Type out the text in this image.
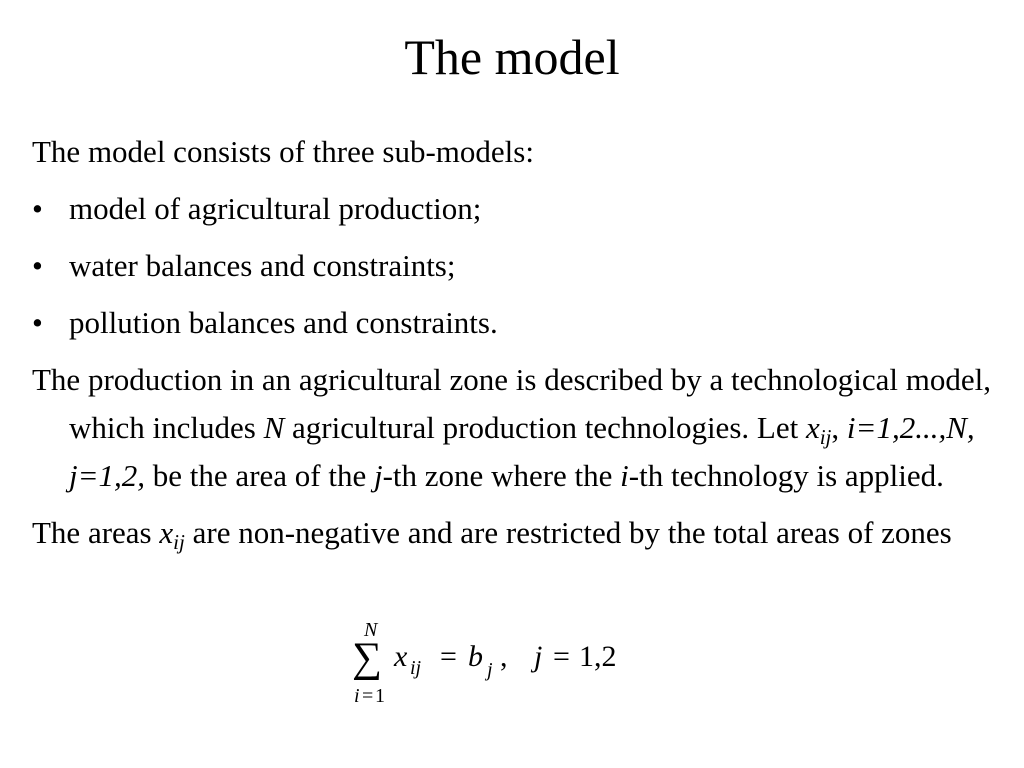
The model

The model consists of three sub-models:

• model of agricultural production;
• water balances and constraints;
• pollution balances and constraints.

The production in an agricultural zone is described by a technological model, which includes N agricultural production technologies. Let $x_{ij}$, i=1,2...,N, j=1,2, be the area of the j-th zone where the i-th technology is applied.

The areas $x_{ij}$ are non-negative and are restricted by the total areas of zones

N
∑
i = 1
x ij = b j , j = 1,2
